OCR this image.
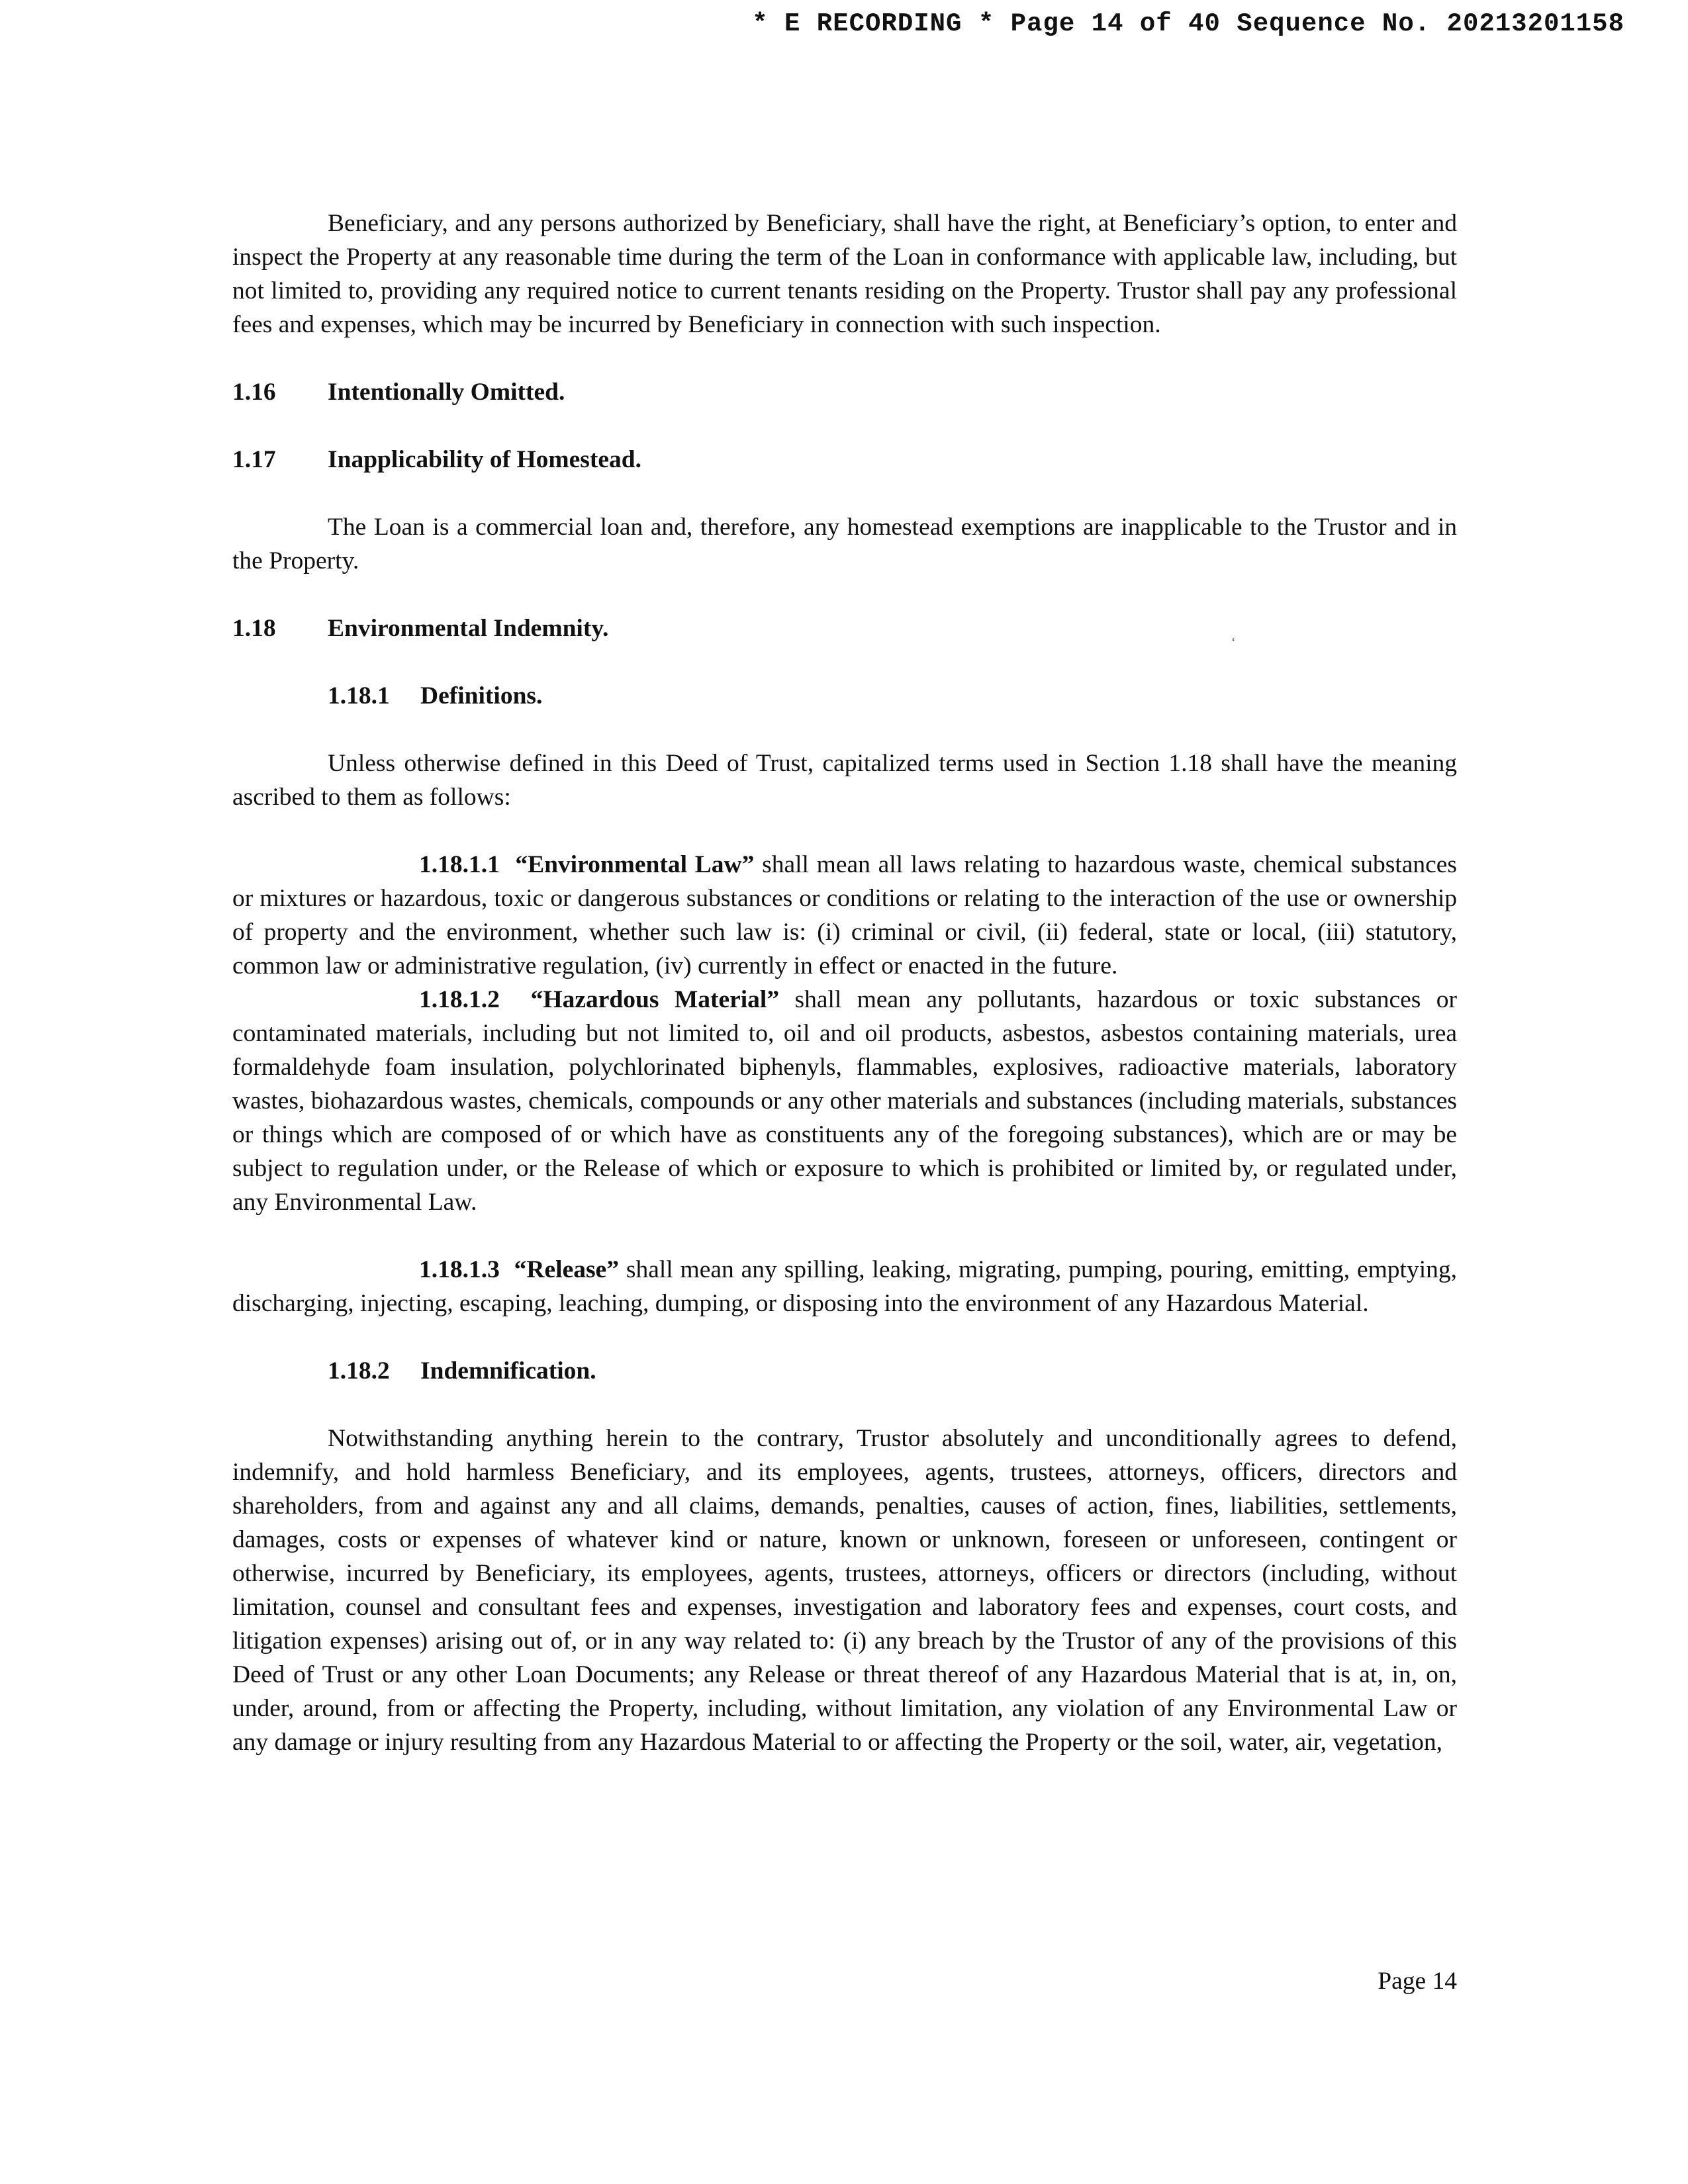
* E RECORDING * Page 14 of 40 Sequence No. 20213201158
‘

Beneficiary, and any persons authorized by Beneficiary, shall have the right, at Beneficiary’s option, to enter and inspect the Property at any reasonable time during the term of the Loan in conformance with applicable law, including, but not limited to, providing any required notice to current tenants residing on the Property. Trustor shall pay any professional fees and expenses, which may be incurred by Beneficiary in connection with such inspection.

1.16	Intentionally Omitted.
1.17	Inapplicability of Homestead.

The Loan is a commercial loan and, therefore, any homestead exemptions are inapplicable to the Trustor and in the Property.

1.18	Environmental Indemnity.
1.18.1	Definitions.

Unless otherwise defined in this Deed of Trust, capitalized terms used in Section 1.18 shall have the meaning ascribed to them as follows:

1.18.1.1 “Environmental Law” shall mean all laws relating to hazardous waste, chemical substances or mixtures or hazardous, toxic or dangerous substances or conditions or relating to the interaction of the use or ownership of property and the environment, whether such law is: (i) criminal or civil, (ii) federal, state or local, (iii) statutory, common law or administrative regulation, (iv) currently in effect or enacted in the future.

1.18.1.2 “Hazardous Material” shall mean any pollutants, hazardous or toxic substances or contaminated materials, including but not limited to, oil and oil products, asbestos, asbestos containing materials, urea formaldehyde foam insulation, polychlorinated biphenyls, flammables, explosives, radioactive materials, laboratory wastes, biohazardous wastes, chemicals, compounds or any other materials and substances (including materials, substances or things which are composed of or which have as constituents any of the foregoing substances), which are or may be subject to regulation under, or the Release of which or exposure to which is prohibited or limited by, or regulated under, any Environmental Law.

1.18.1.3 “Release” shall mean any spilling, leaking, migrating, pumping, pouring, emitting, emptying, discharging, injecting, escaping, leaching, dumping, or disposing into the environment of any Hazardous Material.

1.18.2	Indemnification.

Notwithstanding anything herein to the contrary, Trustor absolutely and unconditionally agrees to defend, indemnify, and hold harmless Beneficiary, and its employees, agents, trustees, attorneys, officers, directors and shareholders, from and against any and all claims, demands, penalties, causes of action, fines, liabilities, settlements, damages, costs or expenses of whatever kind or nature, known or unknown, foreseen or unforeseen, contingent or otherwise, incurred by Beneficiary, its employees, agents, trustees, attorneys, officers or directors (including, without limitation, counsel and consultant fees and expenses, investigation and laboratory fees and expenses, court costs, and litigation expenses) arising out of, or in any way related to: (i) any breach by the Trustor of any of the provisions of this Deed of Trust or any other Loan Documents; any Release or threat thereof of any Hazardous Material that is at, in, on, under, around, from or affecting the Property, including, without limitation, any violation of any Environmental Law or any damage or injury resulting from any Hazardous Material to or affecting the Property or the soil, water, air, vegetation,

Page 14
